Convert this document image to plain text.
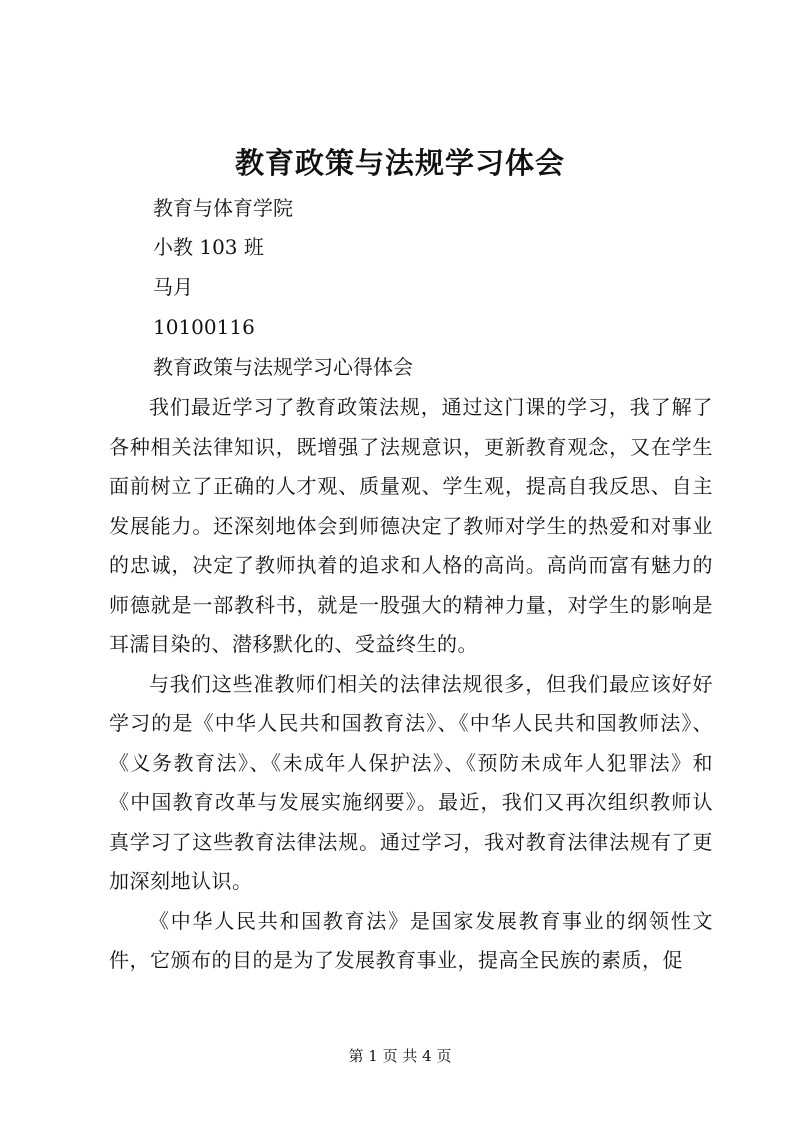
教育政策与法规学习体会
教育与体育学院
小教 103 班
马月
10100116
教育政策与法规学习心得体会

我们最近学习了教育政策法规，通过这门课的学习，我了解了各种相关法律知识，既增强了法规意识，更新教育观念，又在学生面前树立了正确的人才观、质量观、学生观，提高自我反思、自主发展能力。还深刻地体会到师德决定了教师对学生的热爱和对事业的忠诚，决定了教师执着的追求和人格的高尚。高尚而富有魅力的师德就是一部教科书，就是一股强大的精神力量，对学生的影响是耳濡目染的、潜移默化的、受益终生的。

与我们这些准教师们相关的法律法规很多，但我们最应该好好学习的是《中华人民共和国教育法》、《中华人民共和国教师法》、《义务教育法》、《未成年人保护法》、《预防未成年人犯罪法》和《中国教育改革与发展实施纲要》。最近，我们又再次组织教师认真学习了这些教育法律法规。通过学习，我对教育法律法规有了更加深刻地认识。

《中华人民共和国教育法》是国家发展教育事业的纲领性文件，它颁布的目的是为了发展教育事业，提高全民族的素质，促

第 1 页 共 4 页
